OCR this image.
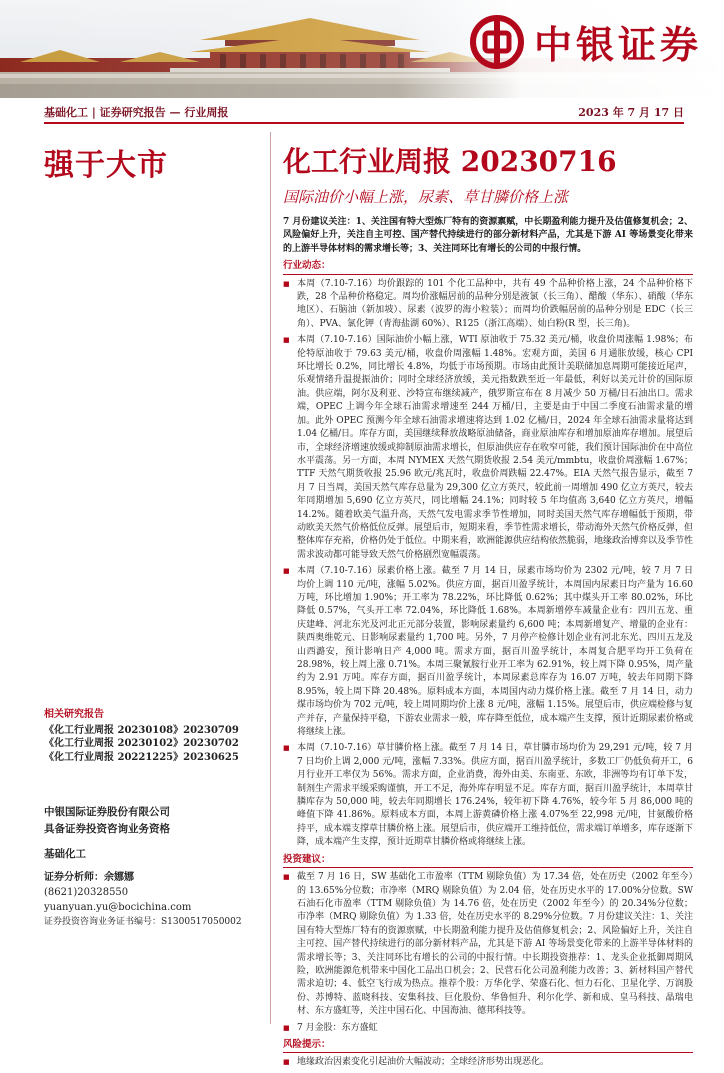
中银证券
基础化工 | 证券研究报告 — 行业周报	2023 年 7 月 17 日
强于大市	化工行业周报 20230716
国际油价小幅上涨，尿素、草甘膦价格上涨
7 月份建议关注：1、关注国有特大型炼厂特有的资源禀赋，中长期盈利能力提升及估值修复机会；2、风险偏好上升，关注自主可控、国产替代持续进行的部分新材料产品，尤其是下游 AI 等场景变化带来的上游半导体材料的需求增长等；3、关注同环比有增长的公司的中报行情。
行业动态：
■ 本周（7.10-7.16）均价跟踪的 101 个化工品种中，共有 49 个品种价格上涨，24 个品种价格下跌，28 个品种价格稳定。周均价涨幅居前的品种分别是液氯（长三角）、醋酸（华东）、硝酸（华东地区）、石脑油（新加坡）、尿素（波罗的海小粒装）；而周均价跌幅居前的品种分别是 EDC（长三角）、PVA、氯化钾（青海盐湖 60%）、R125（浙江高端）、灿白粉(R 型，长三角)。
■ 本周（7.10-7.16）国际油价小幅上涨，WTI 原油收于 75.32 美元/桶，收盘价周涨幅 1.98%；布伦特原油收于 79.63 美元/桶，收盘价周涨幅 1.48%。宏观方面，美国 6 月通胀放缓，核心 CPI 环比增长 0.2%，同比增长 4.8%，均低于市场预期。市场由此预计美联储加息周期可能接近尾声，乐观情绪升温提振油价；同时全球经济放缓，美元指数跌至近一年最低，利好以美元计价的国际原油。供应端，阿尔及利亚、沙特宣布继续减产，俄罗斯宣布在 8 月减少 50 万桶/日石油出口。需求端，OPEC 上调今年全球石油需求增速至 244 万桶/日，主要是由于中国二季度石油需求量的增加。此外 OPEC 预测今年全球石油需求增速将达到 1.02 亿桶/日，2024 年全球石油需求量将达到 1.04 亿桶/日。库存方面，美国继续释放战略原油储备，商业原油库存和增加原油库存增加。展望后市，全球经济增速放缓或抑制原油需求增长，但原油供应存在收窄可能，我们预计国际油价在中高位水平震荡。另一方面，本周 NYMEX 天然气期货收报 2.54 美元/mmbtu，收盘价周涨幅 1.67%；TTF 天然气期货收报 25.96 欧元/兆瓦时，收盘价周跌幅 22.47%。EIA 天然气报告显示，截至 7 月 7 日当周，美国天然气库存总量为 29,300 亿立方英尺，较此前一周增加 490 亿立方英尺，较去年同期增加 5,690 亿立方英尺，同比增幅 24.1%；同时较 5 年均值高 3,640 亿立方英尺，增幅 14.2%。随着欧美气温升高，天然气发电需求季节性增加，同时美国天然气库存增幅低于预期，带动欧美天然气价格低位反弹。展望后市，短期来看，季节性需求增长，带动海外天然气价格反弹，但整体库存充裕，价格仍处于低位。中期来看，欧洲能源供应结构依然脆弱，地缘政治博弈以及季节性需求波动都可能导致天然气价格剧烈宽幅震荡。
■ 本周（7.10-7.16）尿素价格上涨。截至 7 月 14 日，尿素市场均价为 2302 元/吨，较 7 月 7 日均价上调 110 元/吨，涨幅 5.02%。供应方面，据百川盈孚统计，本周国内尿素日均产量为 16.60 万吨，环比增加 1.90%；开工率为 78.22%，环比降低 0.62%；其中煤头开工率 80.02%，环比降低 0.57%，气头开工率 72.04%，环比降低 1.68%。本周新增停车减量企业有：四川五龙、重庆建峰、河北东光及河北正元部分装置，影响尿素量约 6,600 吨；本周新增复产、增量的企业有：陕西奥维乾元、日影响尿素量约 1,700 吨。另外，7 月停产检修计划企业有河北东光、四川五龙及山西潞安，预计影响日产 4,000 吨。需求方面，据百川盈孚统计，本周复合肥平均开工负荷在 28.98%，较上周上涨 0.71%。本周三聚氰胺行业开工率为 62.91%，较上周下降 0.95%，周产量约为 2.91 万吨。库存方面，据百川盈孚统计，本周尿素总库存为 16.07 万吨，较去年同期下降 8.95%，较上周下降 20.48%。原料成本方面，本周国内动力煤价格上涨。截至 7 月 14 日，动力煤市场均价为 702 元/吨，较上周同期均价上涨 8 元/吨，涨幅 1.15%。展望后市，供应端检修与复产并存，产量保持平稳，下游农业需求一般，库存降至低位，成本端产生支撑，预计近期尿素价格或将继续上涨。
■ 本周（7.10-7.16）草甘膦价格上涨。截至 7 月 14 日，草甘膦市场均价为 29,291 元/吨，较 7 月 7 日均价上调 2,000 元/吨，涨幅 7.33%。供应方面，据百川盈孚统计，多数工厂仍低负荷开工，6 月行业开工率仅为 56%。需求方面，企业消费，海外由美、东南亚、东欧，非洲等均有订单下发，制剂生产需求平缓采购谨慎，开工不足，海外库存明显不足。库存方面，据百川盈孚统计，本周草甘膦库存为 50,000 吨，较去年同期增长 176.24%，较年初下降 4.76%，较今年 5 月 86,000 吨的峰值下降 41.86%。原料成本方面，本周上游黄磷价格上涨 4.07%至 22,998 元/吨，甘氨酸价格持平，成本端支撑草甘膦价格上涨。展望后市，供应端开工维持低位，需求端订单增多，库存逐渐下降，成本端产生支撑，预计近期草甘膦价格或将继续上涨。
投资建议：
■ 截至 7 月 16 日，SW 基础化工市盈率（TTM 剔除负值）为 17.34 倍，处在历史（2002 年至今）的 13.65%分位数；市净率（MRQ 剔除负值）为 2.04 倍，处在历史水平的 17.00%分位数。SW 石油石化市盈率（TTM 剔除负值）为 14.76 倍，处在历史（2002 年至今）的 20.34%分位数；市净率（MRQ 剔除负值）为 1.33 倍，处在历史水平的 8.29%分位数。7 月份建议关注：1、关注国有特大型炼厂特有的资源禀赋，中长期盈利能力提升及估值修复机会；2、风险偏好上升，关注自主可控、国产替代持续进行的部分新材料产品，尤其是下游 AI 等场景变化带来的上游半导体材料的需求增长等；3、关注同环比有增长的公司的中报行情。中长期投资推荐：1、龙头企业抵御周期风险，欧洲能源危机带来中国化工品出口机会；2、民营石化公司盈利能力改善；3、新材料国产替代需求迫切；4、低空飞行成为热点。推荐个股：万华化学、荣盛石化、恒力石化、卫星化学、万润股份、苏博特、蓝晓科技、安集科技、巨化股份、华鲁恒升、利尔化学、新和成、皇马科技、晶瑞电材、东方盛虹等，关注中国石化、中国海油、德邦科技等。
■ 7 月金股：东方盛虹
风险提示：
■ 地缘政治因素变化引起油价大幅波动；全球经济形势出现恶化。
相关研究报告
《化工行业周报 20230108》20230709
《化工行业周报 20230102》20230702
《化工行业周报 20221225》20230625
中银国际证券股份有限公司
具备证券投资咨询业务资格
基础化工
证券分析师：余娜娜
(8621)20328550
yuanyuan.yu@bocichina.com
证券投资咨询业务证书编号：S1300517050002
